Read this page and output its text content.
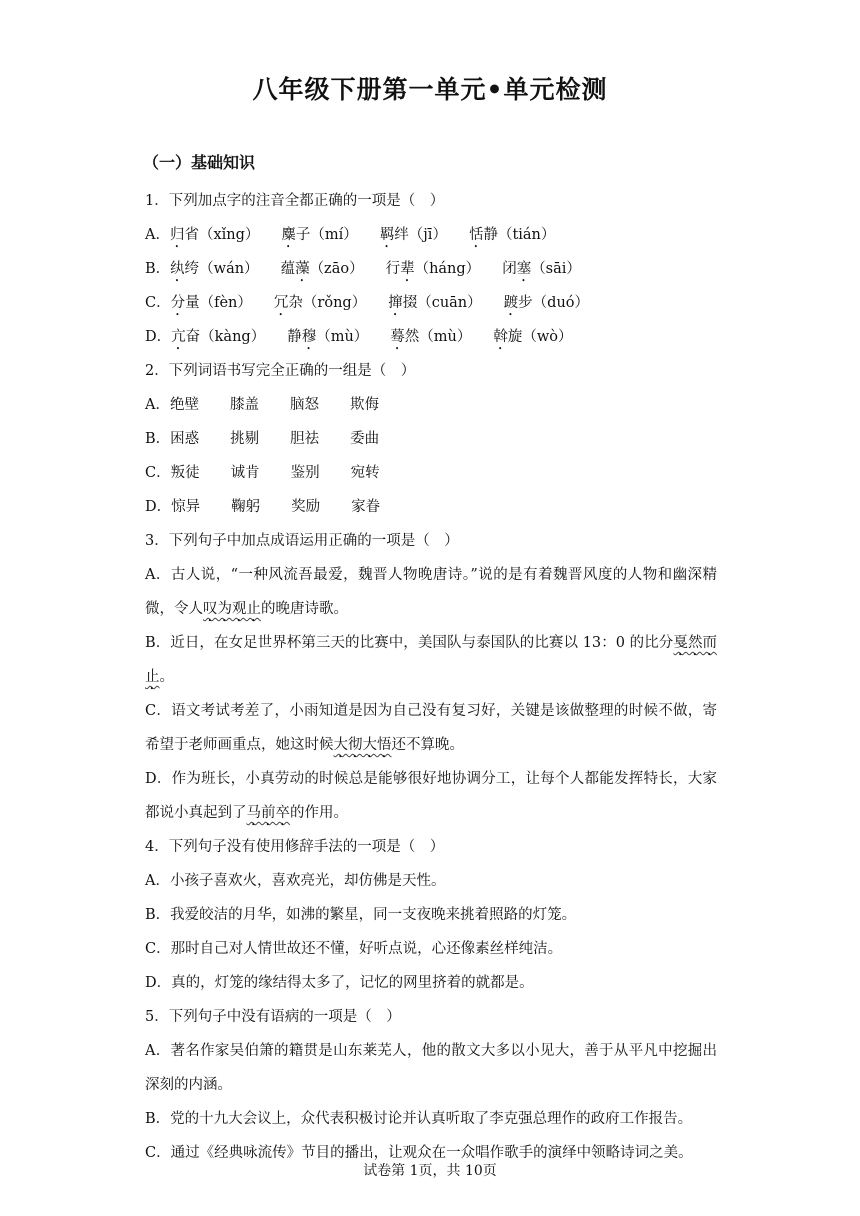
八年级下册第一单元•单元检测
（一）基础知识
1．下列加点字的注音全都正确的一项是（　）
A．归省（xǐng） 麋子（mí） 羁绊（jī） 恬静（tián）
B．纨绔（wán） 蕴藻（zāo） 行辈（háng） 闭塞（sāi）
C．分量（fèn） 冗杂（rǒng） 撺掇（cuān） 踱步（duó）
D．亢奋（kàng） 静穆（mù） 蓦然（mù） 斡旋（wò）
2．下列词语书写完全正确的一组是（　）
A．绝壁 膝盖 脑怒 欺侮
B．困惑 挑剔 胆祛 委曲
C．叛徒 诚肯 鉴别 宛转
D．惊异 鞠躬 奖励 家眷
3．下列句子中加点成语运用正确的一项是（　）
A．古人说，“一种风流吾最爱，魏晋人物晚唐诗。”说的是有着魏晋风度的人物和幽深精微，令人叹为观止的晚唐诗歌。
B．近日，在女足世界杯第三天的比赛中，美国队与泰国队的比赛以 13：0 的比分戛然而止。
C．语文考试考差了，小雨知道是因为自己没有复习好，关键是该做整理的时候不做，寄希望于老师画重点，她这时候大彻大悟还不算晚。
D．作为班长，小真劳动的时候总是能够很好地协调分工，让每个人都能发挥特长，大家都说小真起到了马前卒的作用。
4．下列句子没有使用修辞手法的一项是（　）
A．小孩子喜欢火，喜欢亮光，却仿佛是天性。
B．我爱皎洁的月华，如沸的繁星，同一支夜晚来挑着照路的灯笼。
C．那时自己对人情世故还不懂，好听点说，心还像素丝样纯洁。
D．真的，灯笼的缘结得太多了，记忆的网里挤着的就都是。
5．下列句子中没有语病的一项是（　）
A．著名作家吴伯箫的籍贯是山东莱芜人，他的散文大多以小见大，善于从平凡中挖掘出深刻的内涵。
B．党的十九大会议上，众代表积极讨论并认真听取了李克强总理作的政府工作报告。
C．通过《经典咏流传》节目的播出，让观众在一众唱作歌手的演绎中领略诗词之美。
试卷第 1页，共 10页
